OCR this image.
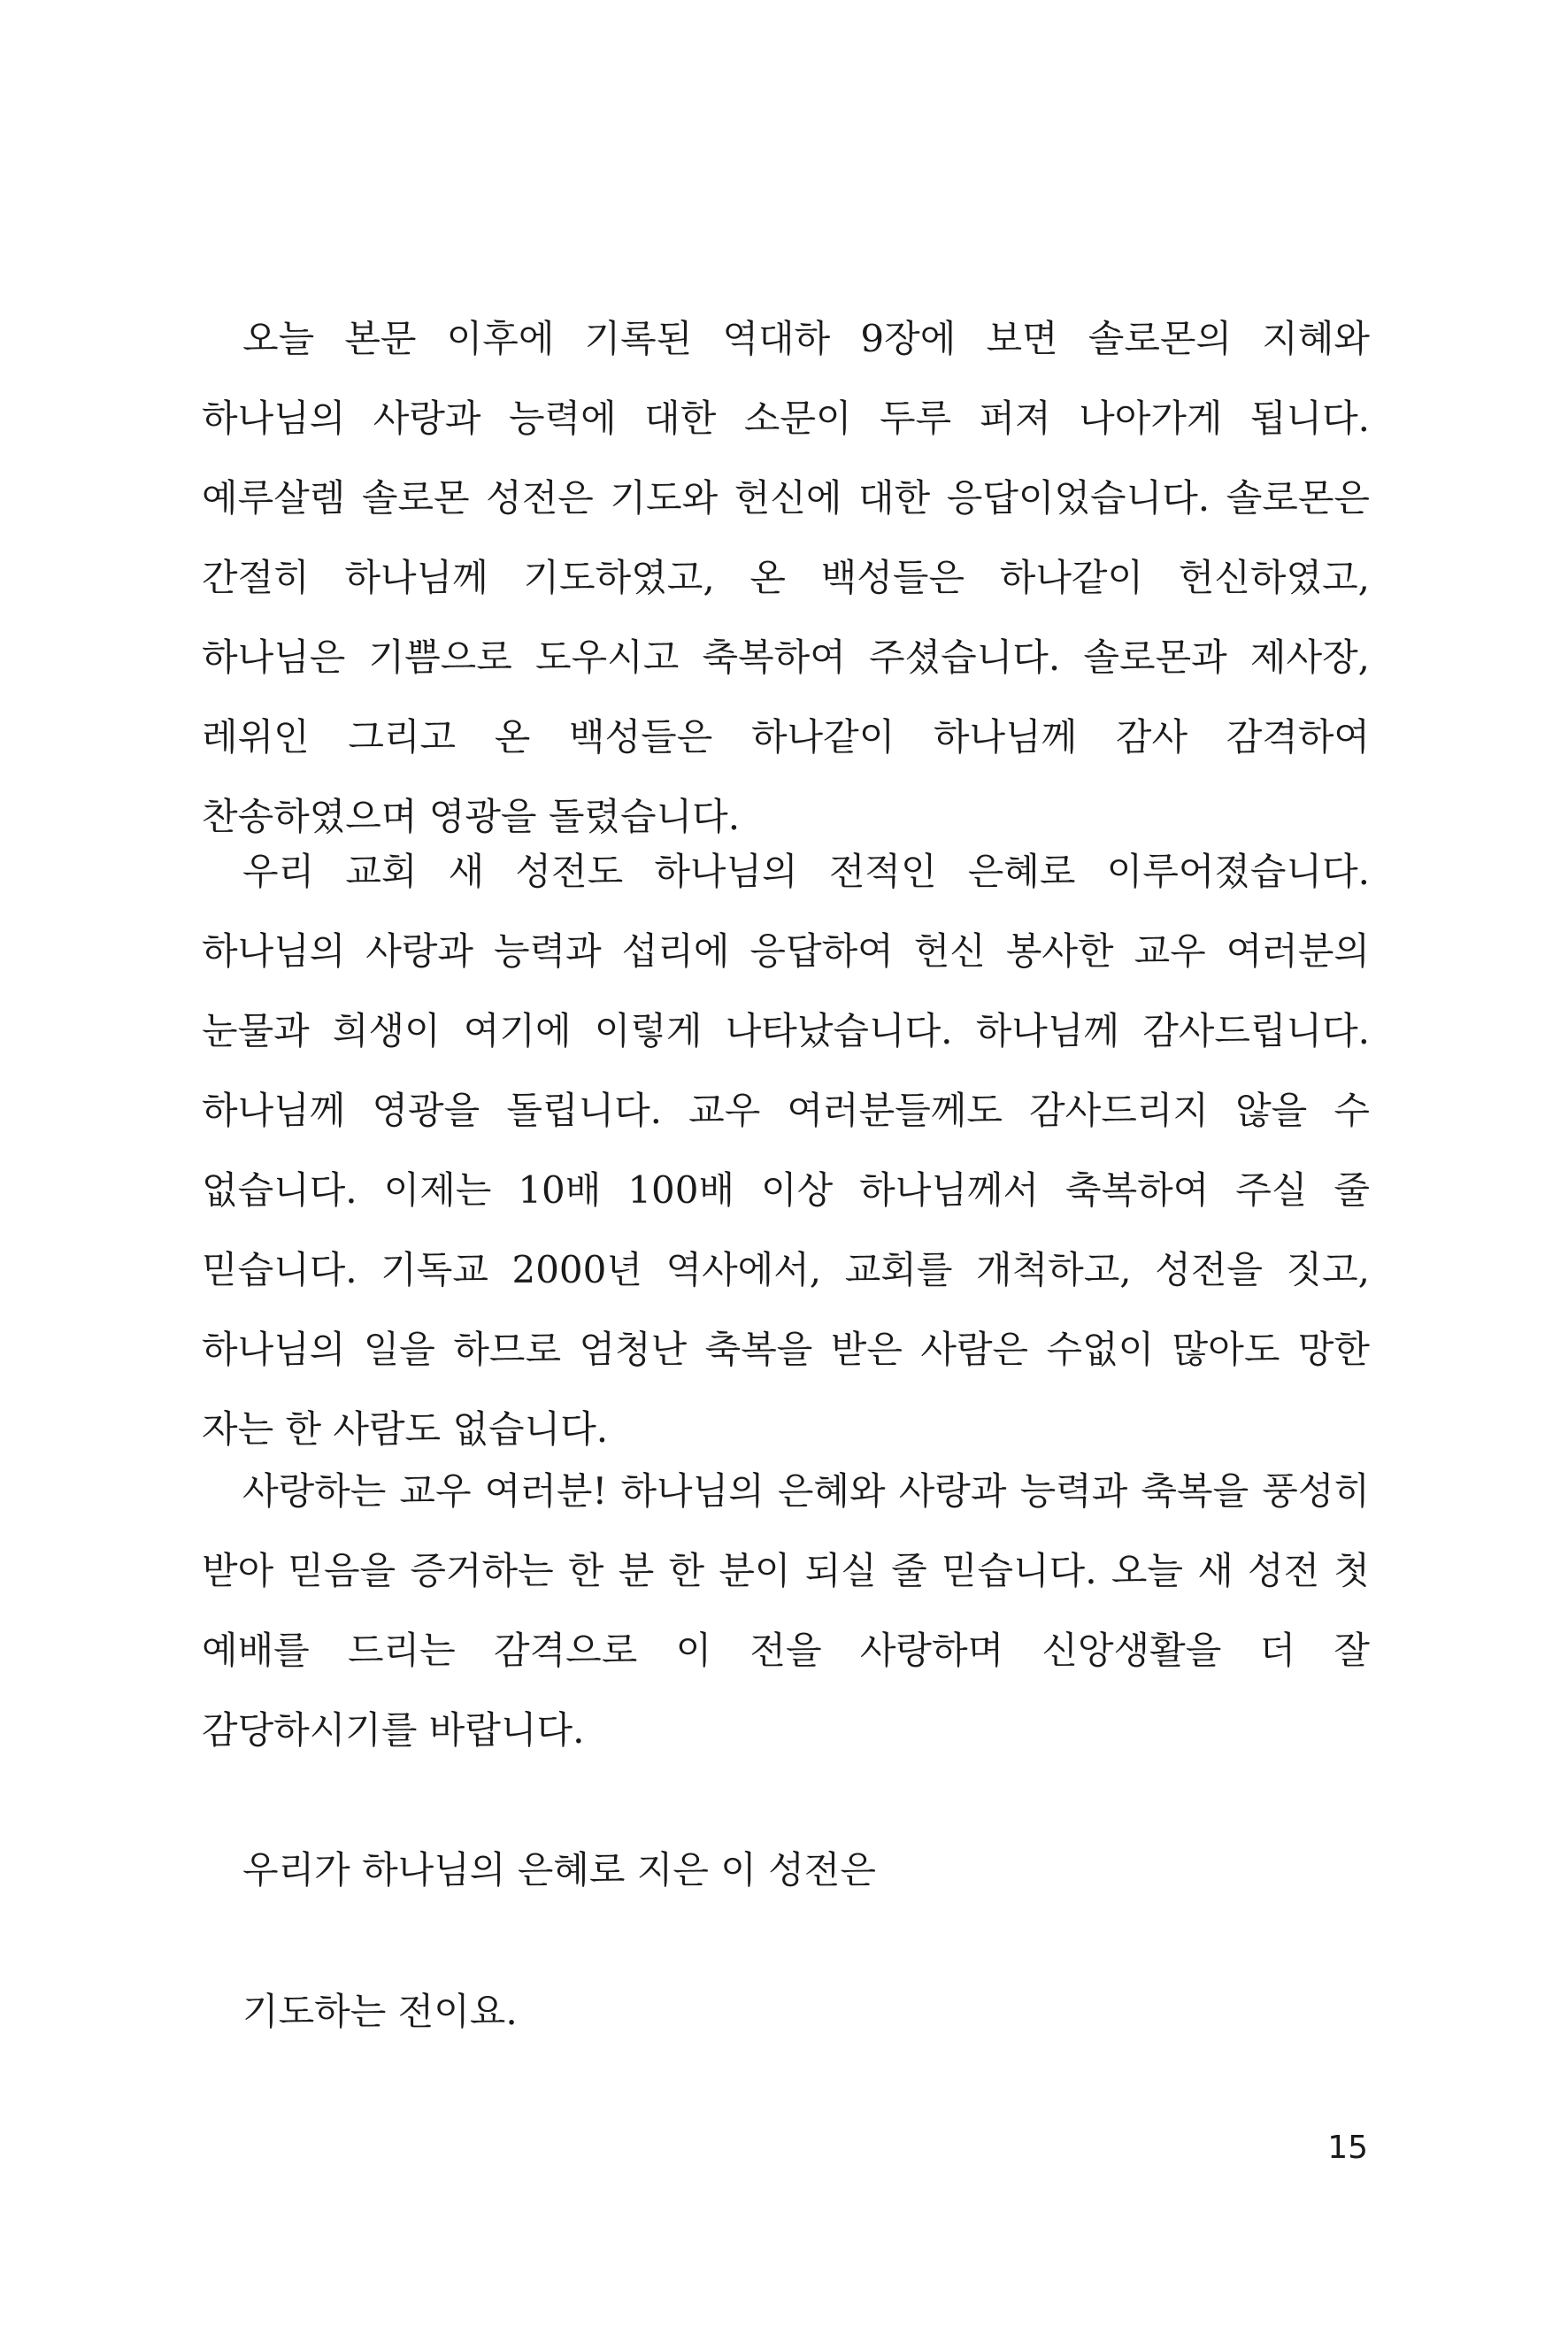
오늘 본문 이후에 기록된 역대하 9장에 보면 솔로몬의 지혜와 하나님의 사랑과 능력에 대한 소문이 두루 퍼져 나아가게 됩니다. 예루살렘 솔로몬 성전은 기도와 헌신에 대한 응답이었습니다. 솔로몬은 간절히 하나님께 기도하였고, 온 백성들은 하나같이 헌신하였고, 하나님은 기쁨으로 도우시고 축복하여 주셨습니다. 솔로몬과 제사장, 레위인 그리고 온 백성들은 하나같이 하나님께 감사 감격하여 찬송하였으며 영광을 돌렸습니다.

우리 교회 새 성전도 하나님의 전적인 은혜로 이루어졌습니다. 하나님의 사랑과 능력과 섭리에 응답하여 헌신 봉사한 교우 여러분의 눈물과 희생이 여기에 이렇게 나타났습니다. 하나님께 감사드립니다. 하나님께 영광을 돌립니다. 교우 여러분들께도 감사드리지 않을 수 없습니다. 이제는 10배 100배 이상 하나님께서 축복하여 주실 줄 믿습니다. 기독교 2000년 역사에서, 교회를 개척하고, 성전을 짓고, 하나님의 일을 하므로 엄청난 축복을 받은 사람은 수없이 많아도 망한 자는 한 사람도 없습니다.

사랑하는 교우 여러분! 하나님의 은혜와 사랑과 능력과 축복을 풍성히 받아 믿음을 증거하는 한 분 한 분이 되실 줄 믿습니다. 오늘 새 성전 첫 예배를 드리는 감격으로 이 전을 사랑하며 신앙생활을 더 잘 감당하시기를 바랍니다.

우리가 하나님의 은혜로 지은 이 성전은

기도하는 전이요.

15
